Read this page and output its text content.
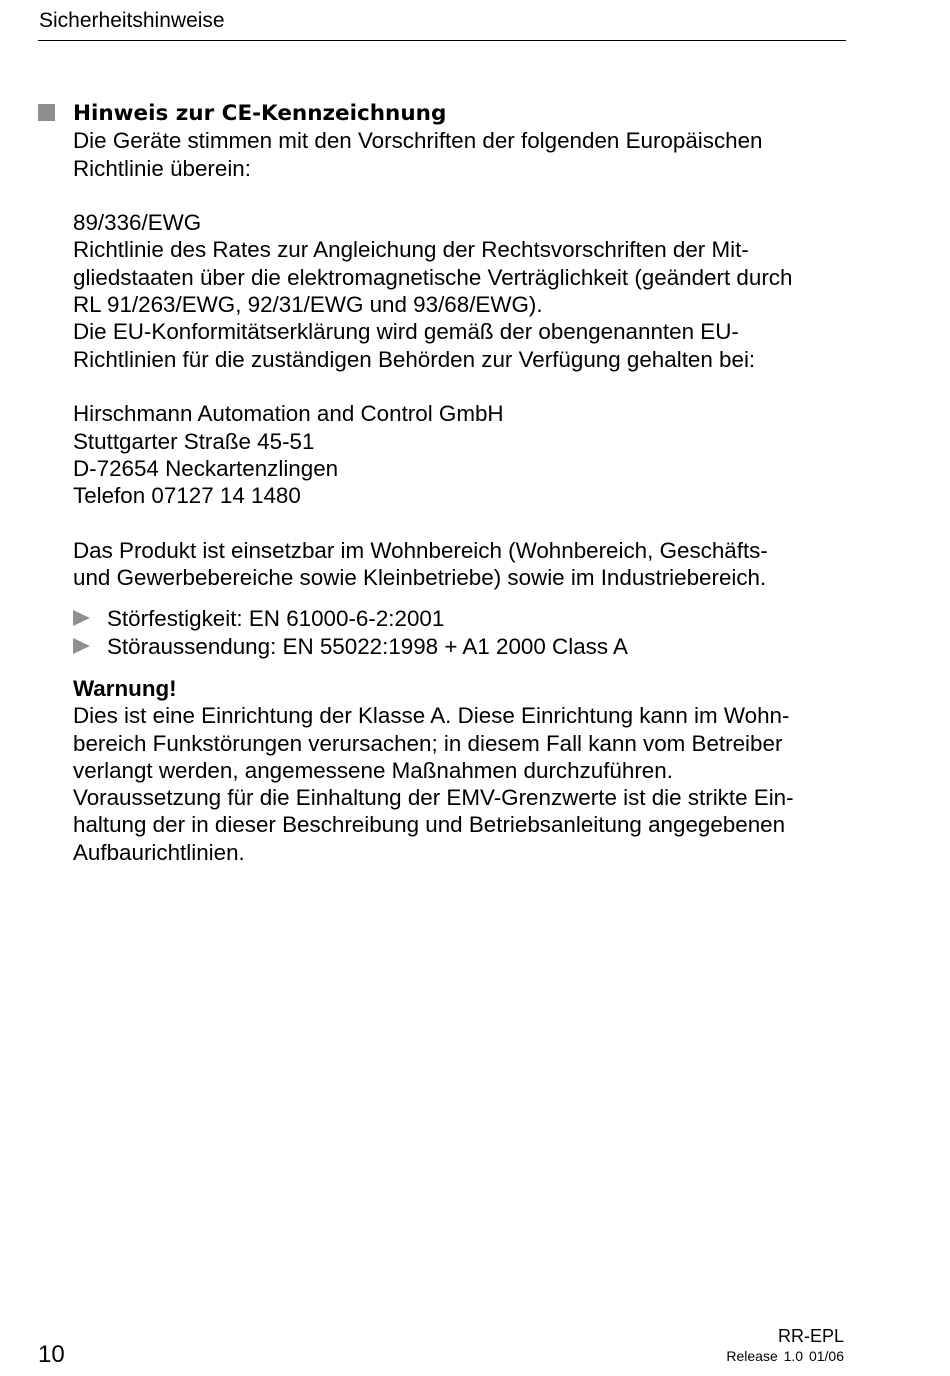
Sicherheitshinweise

Hinweis zur CE-Kennzeichnung

Die Geräte stimmen mit den Vorschriften der folgenden Europäischen

Richtlinie überein:

89/336/EWG

Richtlinie des Rates zur Angleichung der Rechtsvorschriften der Mit-

gliedstaaten über die elektromagnetische Verträglichkeit (geändert durch

RL 91/263/EWG, 92/31/EWG und 93/68/EWG).

Die EU-Konformitätserklärung wird gemäß der obengenannten EU-

Richtlinien für die zuständigen Behörden zur Verfügung gehalten bei:

Hirschmann Automation and Control GmbH

Stuttgarter Straße 45-51

D-72654 Neckartenzlingen

Telefon 07127 14 1480

Das Produkt ist einsetzbar im Wohnbereich (Wohnbereich, Geschäfts-

und Gewerbebereiche sowie Kleinbetriebe) sowie im Industriebereich.

Störfestigkeit: EN 61000-6-2:2001
Störaussendung: EN 55022:1998 + A1 2000 Class A

Warnung!

Dies ist eine Einrichtung der Klasse A. Diese Einrichtung kann im Wohn-

bereich Funkstörungen verursachen; in diesem Fall kann vom Betreiber

verlangt werden, angemessene Maßnahmen durchzuführen.

Voraussetzung für die Einhaltung der EMV-Grenzwerte ist die strikte Ein-

haltung der in dieser Beschreibung und Betriebsanleitung angegebenen

Aufbaurichtlinien.

10
RR-EPL
Release 1.0 01/06
